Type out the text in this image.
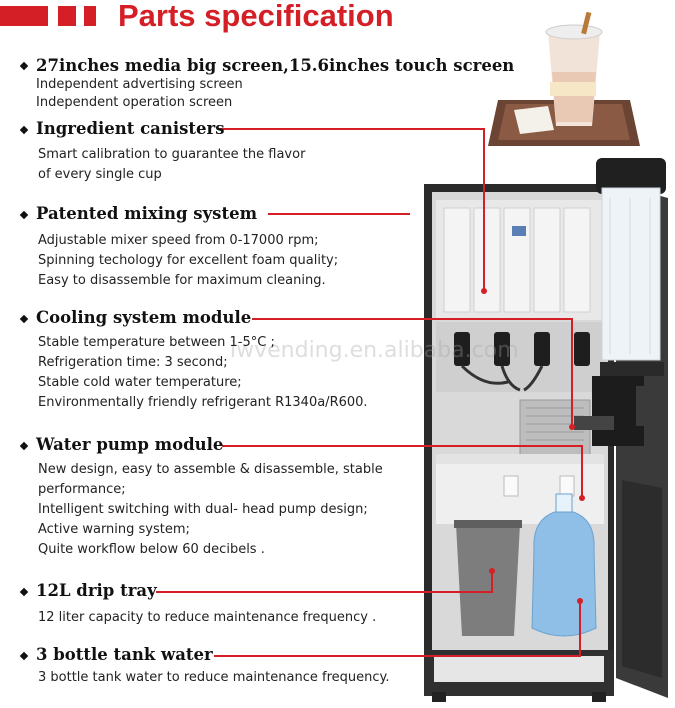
Parts specification
iwvending.en.alibaba.com
27inches media big screen,15.6inches touch screen
Independent advertising screen
Independent operation screen
Ingredient canisters
Smart calibration to guarantee the flavor
of every single cup
Patented mixing system
Adjustable mixer speed from 0-17000 rpm;
Spinning techology for excellent foam quality;
Easy to disassemble for maximum cleaning.
Cooling system module
Stable temperature between 1-5°C ;
Refrigeration time: 3 second;
Stable cold water temperature;
Environmentally friendly refrigerant R1340a/R600.
Water pump module
New design, easy to assemble & disassemble, stable
performance;
Intelligent switching with dual- head pump design;
Active warning system;
Quite workflow below 60 decibels .
12L drip tray
12 liter capacity to reduce maintenance frequency .
3 bottle tank water
3 bottle tank water to reduce maintenance frequency.
